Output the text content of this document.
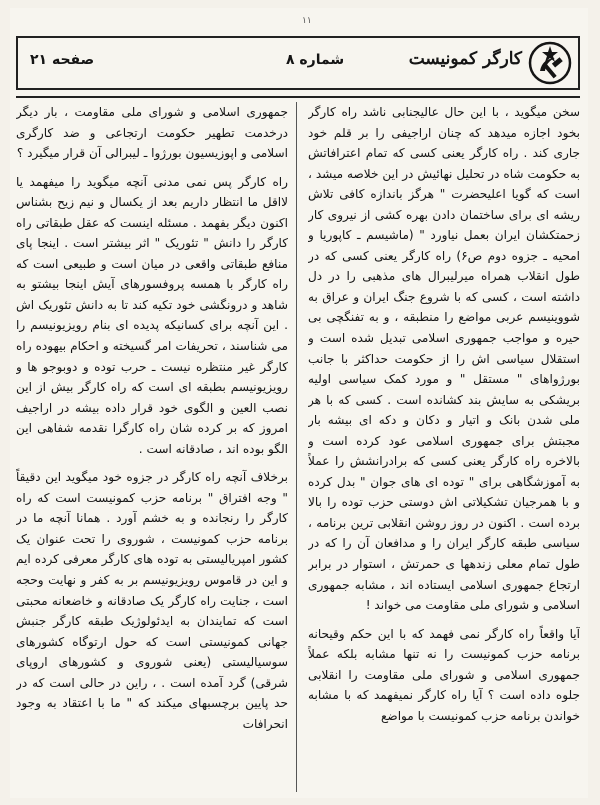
۱۱
کارگر کمونیست
شماره ۸
صفحه ۲۱

سخن میگوید ، با این حال عالیجنابی ناشد راه کارگر بخود اجازه میدهد که چنان اراجیفی را بر قلم خود جاری کند . راه کارگر یعنی کسی که تمام اعترافاتش به حکومت شاه در تحلیل نهائیش در این خلاصه میشد ، است که گویا اعلیحضرت " هرگز باندازه کافی تلاش ریشه ای برای ساختمان دادن بهره کشی از نیروی کار زحمتکشان ایران بعمل نیاورد " (ماشیسم ـ کاپوریا و امحیه ـ جزوه دوم ص۶) راه کارگر یعنی کسی که در طول انقلاب همراه میرلیبرال های مذهبی را در دل داشته است ، کسی که با شروع جنگ ایران و عراق به شووینیسم عربی مواضع را منطبقه ، و به تفنگچی بی حیره و مواجب جمهوری اسلامی تبدیل شده است و استقلال سیاسی اش را از حکومت حداکثر با جانب بورژواهای " مستقل " و مورد کمک سیاسی اولیه بریشکی به سایش بند کشانده است . کسی که با هر ملی شدن بانک و اتیار و دکان و دکه ای بیشه بار مجبتش برای جمهوری اسلامی عود کرده است و بالاخره راه کارگر یعنی کسی که برادرانشش را عملاً به آموزشگاهی برای " توده ای های جوان " بدل کرده و با همرجیان تشکیلاتی اش دوستی حزب توده را بالا برده است . اکنون در روز روشن انقلابی ترین برنامه ، سیاسی طبقه کارگر ایران را و مدافعان آن را که در طول تمام معلی زندهها ی حمرتش ، استوار در برابر ارتجاع جمهوری اسلامی ایستاده اند ، مشابه جمهوری اسلامی و شورای ملی مقاومت می خواند !

آیا واقعاً راه کارگر نمی فهمد که با این حکم وقیحانه برنامه حزب کمونیست را نه تنها مشابه بلکه عملاً جمهوری اسلامی و شورای ملی مقاومت را انقلابی جلوه داده است ؟ آیا راه کارگر نمیفهمد که با مشابه خواندن برنامه حزب کمونیست با مواضع

جمهوری اسلامی و شورای ملی مقاومت ، بار دیگر درخدمت تطهیر حکومت ارتجاعی و ضد کارگری اسلامی و اپوزیسیون بورژوا ـ لیبرالی آن قرار میگیرد ؟

راه کارگر پس نمی مدنی آنچه میگوید را میفهمد یا لااقل ما انتظار داریم بعد از یکسال و نیم زیح بشناس اکنون دیگر بفهمد . مسئله اینست که عقل طبقاتی راه کارگر را دانش " تئوریک " اثر بیشتر است . اینجا پای منافع طبقاتی واقعی در میان است و طبیعی است که راه کارگر با همسه پروفسورهای آیش اینجا بیشتو به شاهد و درونگشی خود تکیه کند تا به دانش تئوریک اش . این آنچه برای کسانیکه پدیده ای بنام رویزیونیسم را می شناسند ، تحریفات امر گسیخته و احکام بیهوده راه کارگر غیر منتظره نیست ـ حرب توده و دوبوجو ها و رویزیونیسم بطبقه ای است که راه کارگر بیش از این نصب العین و الگوی خود قرار داده بیشه در اراجیف امروز که بر کرده شان راه کارگرا نقدمه شفاهی این الگو بوده اند ، صادقانه است .

برخلاف آنچه راه کارگر در جزوه خود میگوید این دقیقاً " وجه افتراق " برنامه حزب کمونیست است که راه کارگر را رنجانده و به خشم آورد . همانا آنچه ما در برنامه حزب کمونیست ، شوروی را تحت عنوان یک کشور امپریالیستی به توده های کارگر معرفی کرده ایم و این در قاموس رویزیونیسم بر به کفر و نهایت وحجه است ، جنایت راه کارگر یک صادقانه و خاضعانه محبتی است که تمایندان به ایدئولوژیک طبقه کارگر جنبش جهانی کمونیستی است که حول ارتوگاه کشورهای سوسیالیستی (یعنی شوروی و کشورهای اروپای شرقی) گرد آمده است . ، راین در حالی است که در حد پایین برچسبهای میکند که " ما با اعتقاد به وجود انحرافات
